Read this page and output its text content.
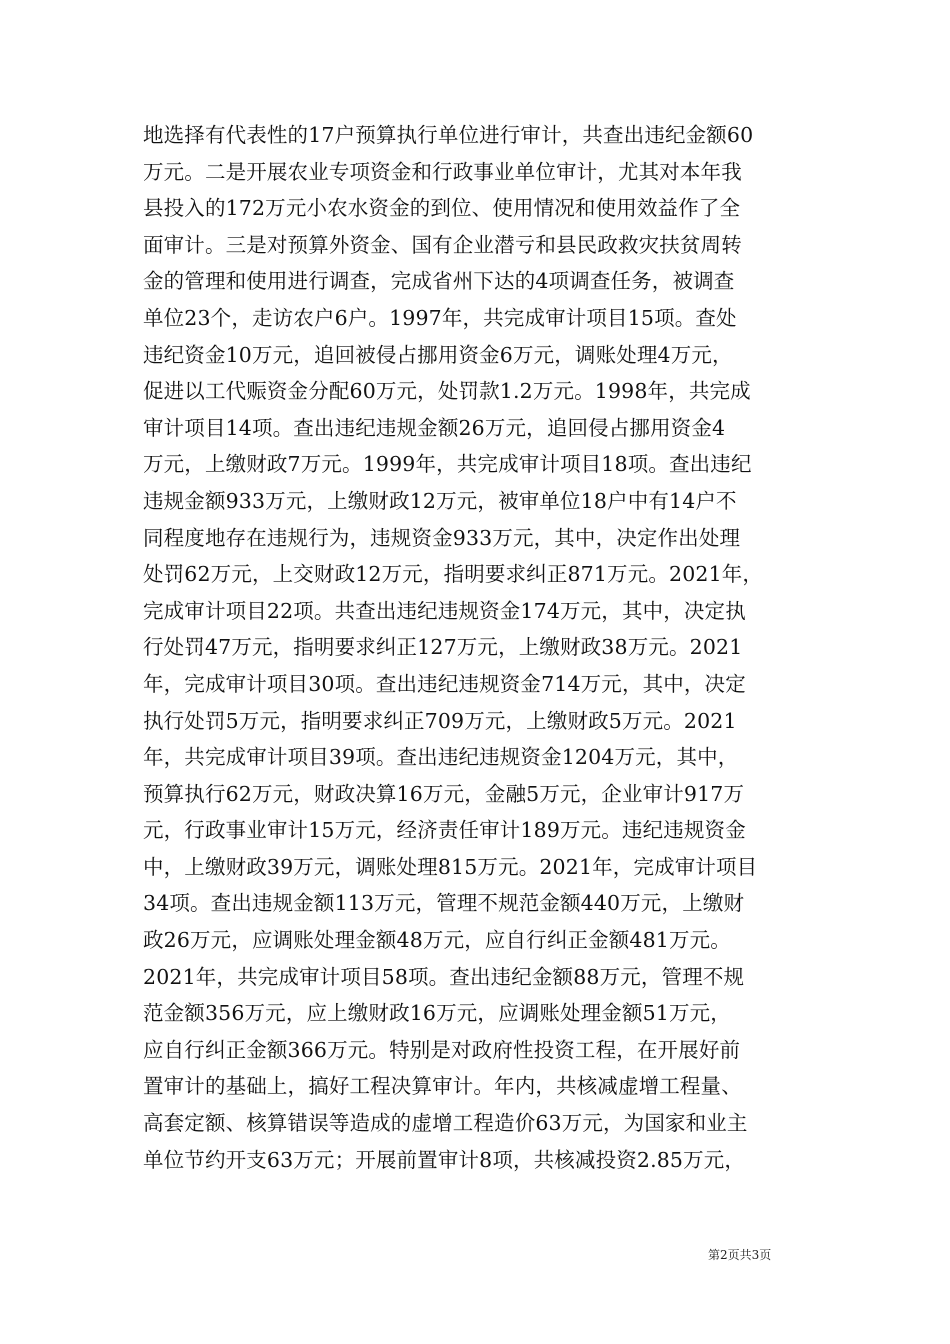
地选择有代表性的17户预算执行单位进行审计，共查出违纪金额60
万元。二是开展农业专项资金和行政事业单位审计，尤其对本年我
县投入的172万元小农水资金的到位、使用情况和使用效益作了全
面审计。三是对预算外资金、国有企业潜亏和县民政救灾扶贫周转
金的管理和使用进行调查，完成省州下达的4项调查任务，被调查
单位23个，走访农户6户。1997年，共完成审计项目15项。查处
违纪资金10万元，追回被侵占挪用资金6万元，调账处理4万元，
促进以工代赈资金分配60万元，处罚款1.2万元。1998年，共完成
审计项目14项。查出违纪违规金额26万元，追回侵占挪用资金4
万元，上缴财政7万元。1999年，共完成审计项目18项。查出违纪
违规金额933万元，上缴财政12万元，被审单位18户中有14户不
同程度地存在违规行为，违规资金933万元，其中，决定作出处理
处罚62万元，上交财政12万元，指明要求纠正871万元。2021年，
完成审计项目22项。共查出违纪违规资金174万元，其中，决定执
行处罚47万元，指明要求纠正127万元，上缴财政38万元。2021
年，完成审计项目30项。查出违纪违规资金714万元，其中，决定
执行处罚5万元，指明要求纠正709万元，上缴财政5万元。2021
年，共完成审计项目39项。查出违纪违规资金1204万元，其中，
预算执行62万元，财政决算16万元，金融5万元，企业审计917万
元，行政事业审计15万元，经济责任审计189万元。违纪违规资金
中，上缴财政39万元，调账处理815万元。2021年，完成审计项目
34项。查出违规金额113万元，管理不规范金额440万元，上缴财
政26万元，应调账处理金额48万元，应自行纠正金额481万元。
2021年，共完成审计项目58项。查出违纪金额88万元，管理不规
范金额356万元，应上缴财政16万元，应调账处理金额51万元，
应自行纠正金额366万元。特别是对政府性投资工程，在开展好前
置审计的基础上，搞好工程决算审计。年内，共核减虚增工程量、
高套定额、核算错误等造成的虚增工程造价63万元，为国家和业主
单位节约开支63万元；开展前置审计8项，共核减投资2.85万元，
第2页共3页
